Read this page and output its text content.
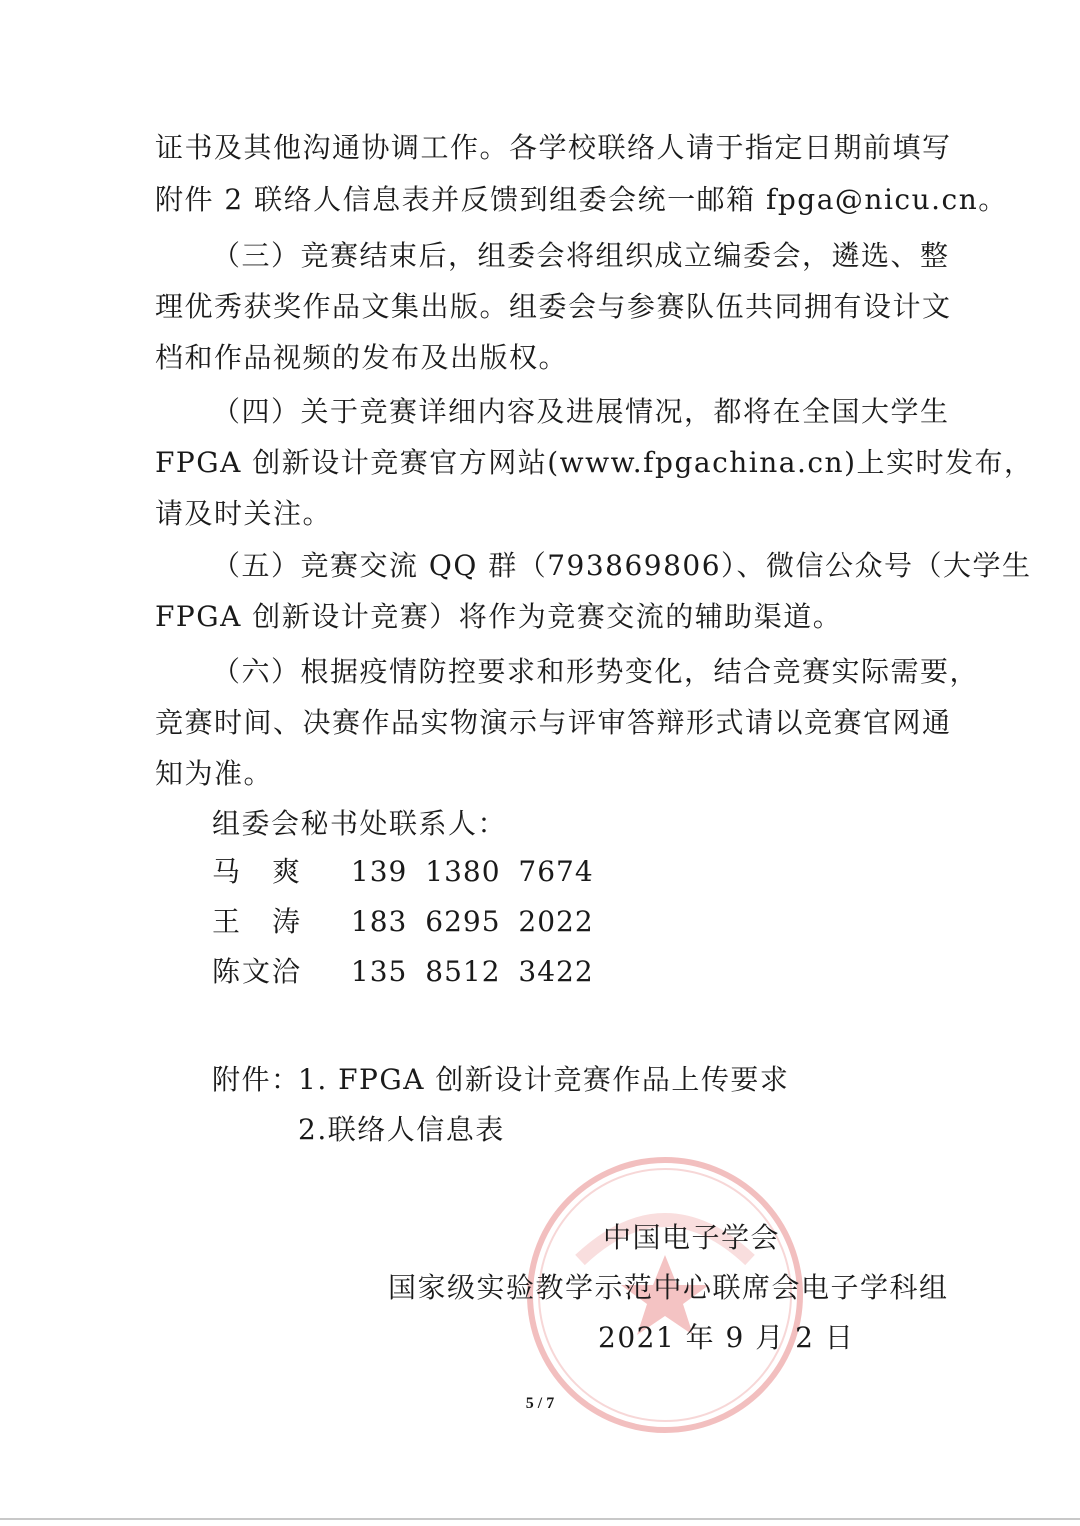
证书及其他沟通协调工作。各学校联络人请于指定日期前填写
附件 2 联络人信息表并反馈到组委会统一邮箱 fpga@nicu.cn。
（三）竞赛结束后，组委会将组织成立编委会，遴选、整
理优秀获奖作品文集出版。组委会与参赛队伍共同拥有设计文
档和作品视频的发布及出版权。
（四）关于竞赛详细内容及进展情况，都将在全国大学生
FPGA 创新设计竞赛官方网站(www.fpgachina.cn)上实时发布，
请及时关注。
（五）竞赛交流 QQ 群（793869806）、微信公众号（大学生
FPGA 创新设计竞赛）将作为竞赛交流的辅助渠道。
（六）根据疫情防控要求和形势变化，结合竞赛实际需要，
竞赛时间、决赛作品实物演示与评审答辩形式请以竞赛官网通
知为准。
组委会秘书处联系人：
马　爽 139 1380 7674
王　涛 183 6295 2022
陈文洽 135 8512 3422
附件：
1. FPGA 创新设计竞赛作品上传要求
2.联络人信息表
中国电子学会
国家级实验教学示范中心联席会电子学科组
2021 年 9 月 2 日
5 / 7
